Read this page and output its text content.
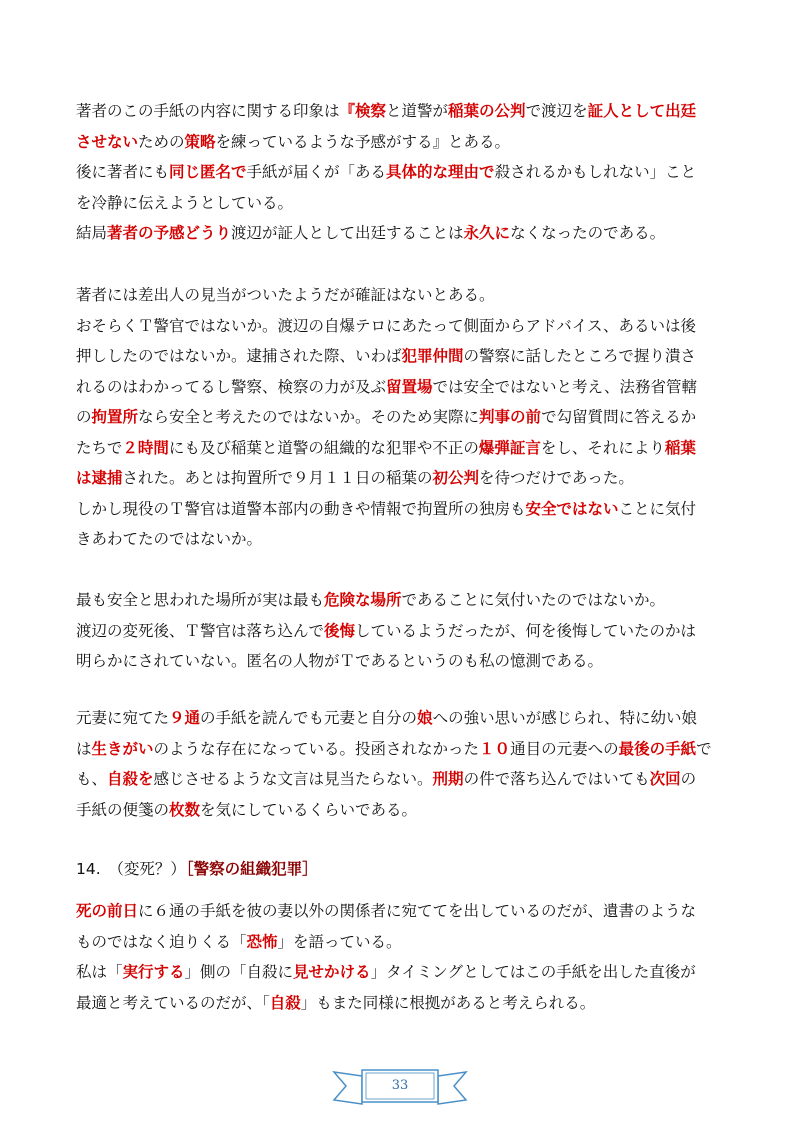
著者のこの手紙の内容に関する印象は『検察と道警が稲葉の公判で渡辺を証人として出廷
させないための策略を練っているような予感がする』とある。
後に著者にも同じ匿名で手紙が届くが「ある具体的な理由で殺されるかもしれない」こと
を冷静に伝えようとしている。
結局著者の予感どうり渡辺が証人として出廷することは永久になくなったのである。
著者には差出人の見当がついたようだが確証はないとある。
おそらくＴ警官ではないか。渡辺の自爆テロにあたって側面からアドバイス、あるいは後
押ししたのではないか。逮捕された際、いわば犯罪仲間の警察に話したところで握り潰さ
れるのはわかってるし警察、検察の力が及ぶ留置場では安全ではないと考え、法務省管轄
の拘置所なら安全と考えたのではないか。そのため実際に判事の前で勾留質問に答えるか
たちで２時間にも及び稲葉と道警の組織的な犯罪や不正の爆弾証言をし、それにより稲葉
は逮捕された。あとは拘置所で９月１１日の稲葉の初公判を待つだけであった。
しかし現役のＴ警官は道警本部内の動きや情報で拘置所の独房も安全ではないことに気付
きあわてたのではないか。
最も安全と思われた場所が実は最も危険な場所であることに気付いたのではないか。
渡辺の変死後、Ｔ警官は落ち込んで後悔しているようだったが、何を後悔していたのかは
明らかにされていない。匿名の人物がＴであるというのも私の憶測である。
元妻に宛てた９通の手紙を読んでも元妻と自分の娘への強い思いが感じられ、特に幼い娘
は生きがいのような存在になっている。投函されなかった１０通目の元妻への最後の手紙で
も、自殺を感じさせるような文言は見当たらない。刑期の件で落ち込んではいても次回の
手紙の便箋の枚数を気にしているくらいである。
14.　（変死？）［警察の組織犯罪］
死の前日に６通の手紙を彼の妻以外の関係者に宛ててを出しているのだが、遺書のような
ものではなく迫りくる「恐怖」を語っている。
私は「実行する」側の「自殺に見せかける」タイミングとしてはこの手紙を出した直後が
最適と考えているのだが、「自殺」もまた同様に根拠があると考えられる。
33
